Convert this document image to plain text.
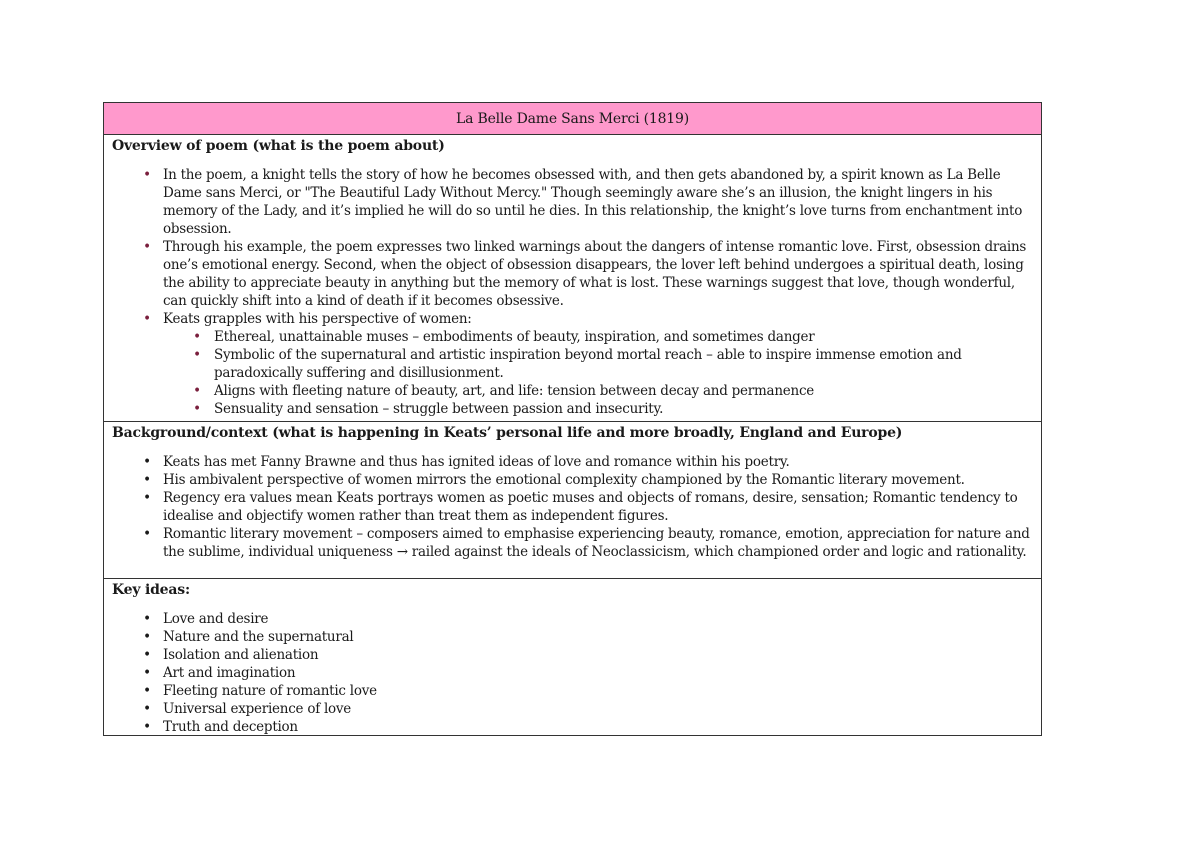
La Belle Dame Sans Merci (1819)
Overview of poem (what is the poem about)
• In the poem, a knight tells the story of how he becomes obsessed with, and then gets abandoned by, a spirit known as La Belle Dame sans Merci, or "The Beautiful Lady Without Mercy." Though seemingly aware she’s an illusion, the knight lingers in his memory of the Lady, and it’s implied he will do so until he dies. In this relationship, the knight’s love turns from enchantment into obsession.
• Through his example, the poem expresses two linked warnings about the dangers of intense romantic love. First, obsession drains one’s emotional energy. Second, when the object of obsession disappears, the lover left behind undergoes a spiritual death, losing the ability to appreciate beauty in anything but the memory of what is lost. These warnings suggest that love, though wonderful, can quickly shift into a kind of death if it becomes obsessive.
• Keats grapples with his perspective of women:
• Ethereal, unattainable muses – embodiments of beauty, inspiration, and sometimes danger
• Symbolic of the supernatural and artistic inspiration beyond mortal reach – able to inspire immense emotion and paradoxically suffering and disillusionment.
• Aligns with fleeting nature of beauty, art, and life: tension between decay and permanence
• Sensuality and sensation – struggle between passion and insecurity.
Background/context (what is happening in Keats’ personal life and more broadly, England and Europe)
• Keats has met Fanny Brawne and thus has ignited ideas of love and romance within his poetry.
• His ambivalent perspective of women mirrors the emotional complexity championed by the Romantic literary movement.
• Regency era values mean Keats portrays women as poetic muses and objects of romans, desire, sensation; Romantic tendency to idealise and objectify women rather than treat them as independent figures.
• Romantic literary movement – composers aimed to emphasise experiencing beauty, romance, emotion, appreciation for nature and the sublime, individual uniqueness → railed against the ideals of Neoclassicism, which championed order and logic and rationality.
Key ideas:
• Love and desire
• Nature and the supernatural
• Isolation and alienation
• Art and imagination
• Fleeting nature of romantic love
• Universal experience of love
• Truth and deception
